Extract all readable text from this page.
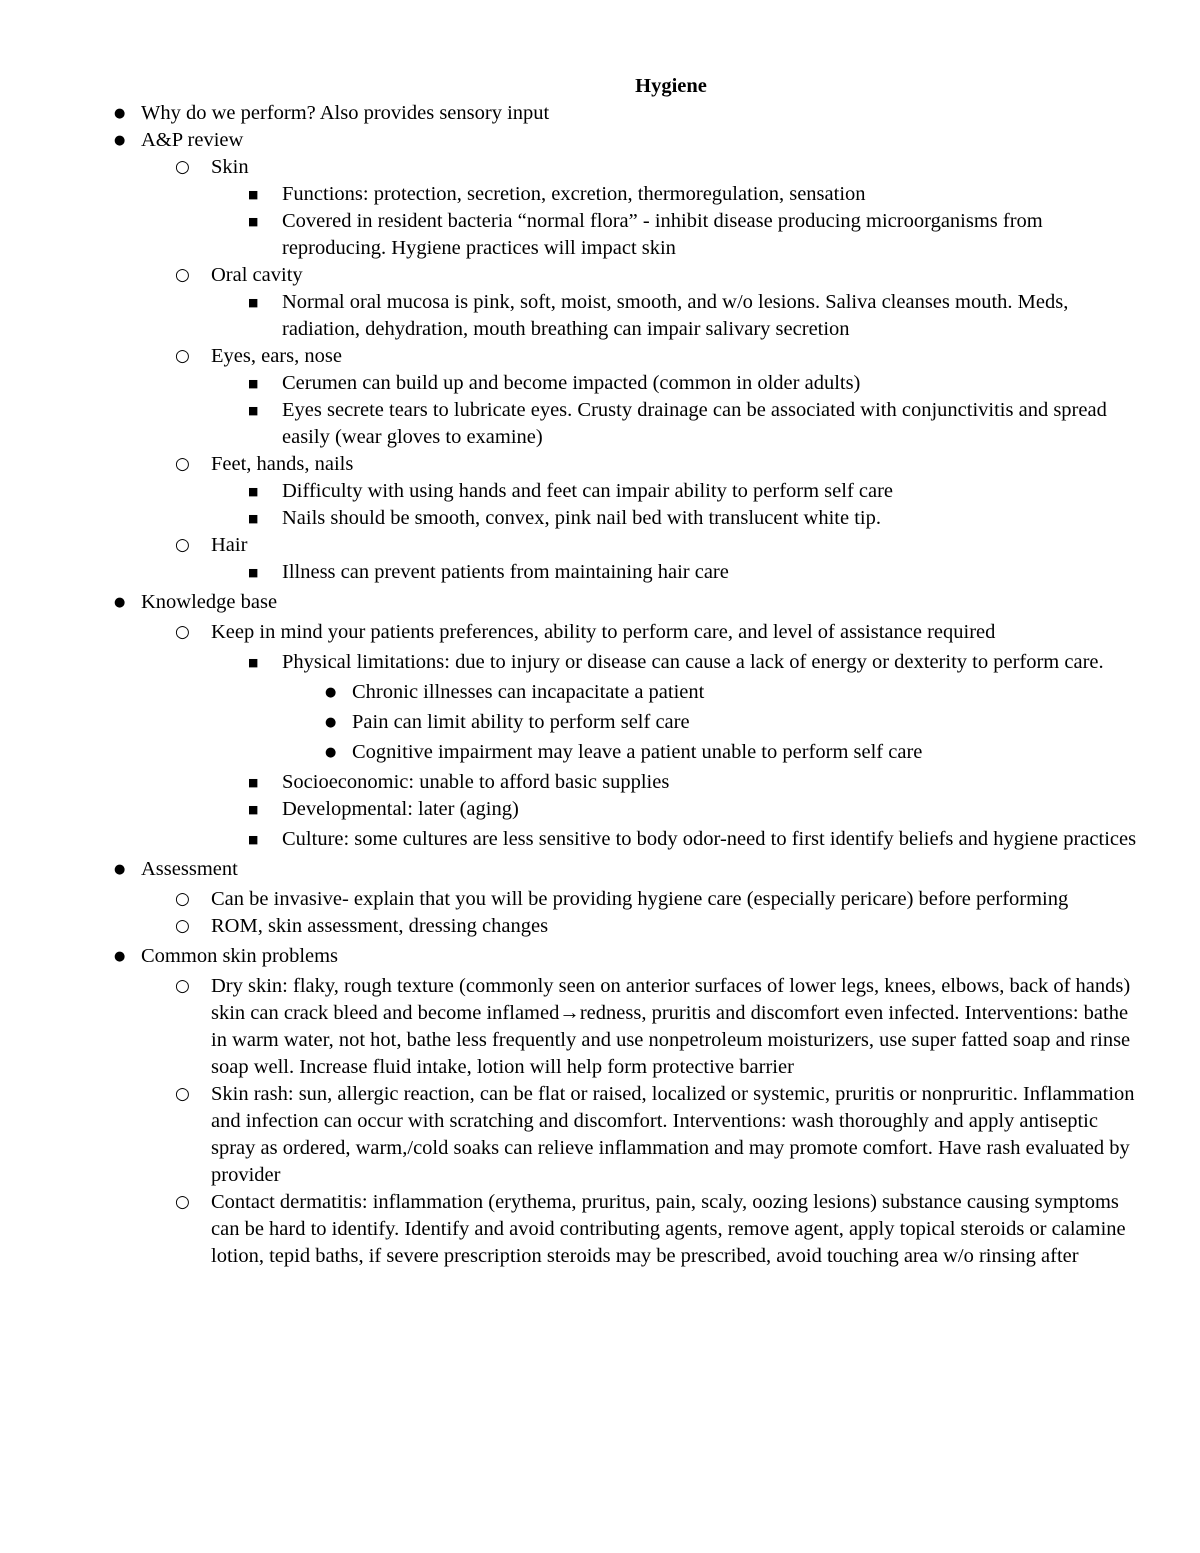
Hygiene
● Why do we perform? Also provides sensory input
● A&P review
○ Skin
■ Functions: protection, secretion, excretion, thermoregulation, sensation
■ Covered in resident bacteria “normal flora” - inhibit disease producing microorganisms from reproducing. Hygiene practices will impact skin
○ Oral cavity
■ Normal oral mucosa is pink, soft, moist, smooth, and w/o lesions. Saliva cleanses mouth. Meds, radiation, dehydration, mouth breathing can impair salivary secretion
○ Eyes, ears, nose
■ Cerumen can build up and become impacted (common in older adults)
■ Eyes secrete tears to lubricate eyes. Crusty drainage can be associated with conjunctivitis and spread easily (wear gloves to examine)
○ Feet, hands, nails
■ Difficulty with using hands and feet can impair ability to perform self care
■ Nails should be smooth, convex, pink nail bed with translucent white tip.
○ Hair
■ Illness can prevent patients from maintaining hair care
● Knowledge base
○ Keep in mind your patients preferences, ability to perform care, and level of assistance required
■ Physical limitations: due to injury or disease can cause a lack of energy or dexterity to perform care.
● Chronic illnesses can incapacitate a patient
● Pain can limit ability to perform self care
● Cognitive impairment may leave a patient unable to perform self care
■ Socioeconomic: unable to afford basic supplies
■ Developmental: later (aging)
■ Culture: some cultures are less sensitive to body odor-need to first identify beliefs and hygiene practices
● Assessment
○ Can be invasive- explain that you will be providing hygiene care (especially pericare) before performing
○ ROM, skin assessment, dressing changes
● Common skin problems
○ Dry skin: flaky, rough texture (commonly seen on anterior surfaces of lower legs, knees, elbows, back of hands) skin can crack bleed and become inflamed→redness, pruritis and discomfort even infected. Interventions: bathe in warm water, not hot, bathe less frequently and use nonpetroleum moisturizers, use super fatted soap and rinse soap well. Increase fluid intake, lotion will help form protective barrier
○ Skin rash: sun, allergic reaction, can be flat or raised, localized or systemic, pruritis or nonpruritic. Inflammation and infection can occur with scratching and discomfort. Interventions: wash thoroughly and apply antiseptic spray as ordered, warm,/cold soaks can relieve inflammation and may promote comfort. Have rash evaluated by provider
○ Contact dermatitis: inflammation (erythema, pruritus, pain, scaly, oozing lesions) substance causing symptoms can be hard to identify. Identify and avoid contributing agents, remove agent, apply topical steroids or calamine lotion, tepid baths, if severe prescription steroids may be prescribed, avoid touching area w/o rinsing after
